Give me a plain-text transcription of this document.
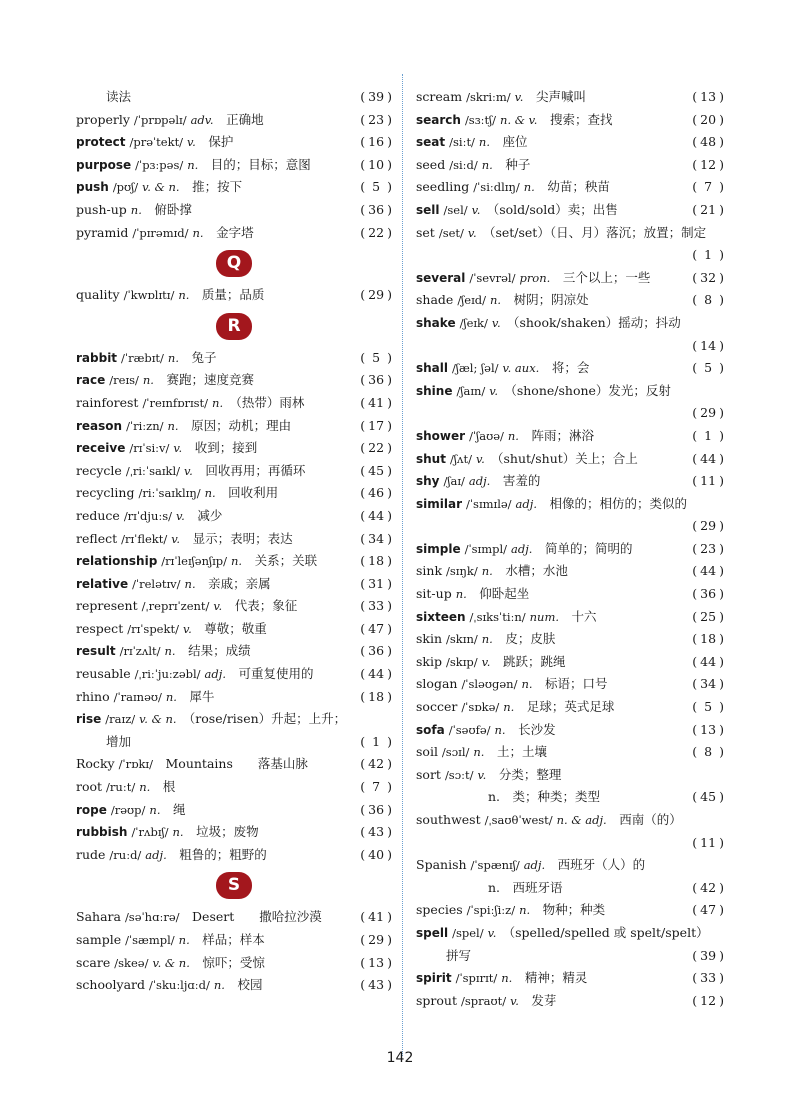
读法	( 39 )
properly /ˈprɒpəlɪ/ adv.　 正确地	( 23 )
protect /prəˈtekt/ v.　 保护	( 16 )
purpose /ˈpɜːpəs/ n.　 目的；目标；意图	( 10 )
push /pʊʃ/ v. & n.　 推；按下	( 5 )
push-up n.　 俯卧撑	( 36 )
pyramid /ˈpɪrəmɪd/ n.　 金字塔	( 22 )
Q
quality /ˈkwɒlɪtɪ/ n.　 质量；品质	( 29 )
R
rabbit /ˈræbɪt/ n.　 兔子	( 5 )
race /reɪs/ n.　 赛跑；速度竞赛	( 36 )
rainforest /ˈreɪnfɒrɪst/ n.　 （热带）雨林	( 41 )
reason /ˈriːzn/ n.　 原因；动机；理由	( 17 )
receive /rɪˈsiːv/ v.　 收到；接到	( 22 )
recycle /ˌriːˈsaɪkl/ v.　 回收再用；再循环	( 45 )
recycling /riːˈsaɪklɪŋ/ n.　 回收利用	( 46 )
reduce /rɪˈdjuːs/ v.　 减少	( 44 )
reflect /rɪˈflekt/ v.　 显示；表明；表达	( 34 )
relationship /rɪˈleɪʃənʃɪp/ n.　 关系；关联	( 18 )
relative /ˈrelətɪv/ n.　 亲戚；亲属	( 31 )
represent /ˌreprɪˈzent/ v.　 代表；象征	( 33 )
respect /rɪˈspekt/ v.　 尊敬；敬重	( 47 )
result /rɪˈzʌlt/ n.　 结果；成绩	( 36 )
reusable /ˌriːˈjuːzəbl/ adj.　 可重复使用的	( 44 )
rhino /ˈraɪnəʊ/ n.　 犀牛	( 18 )
rise /raɪz/ v. & n.　 （rose/risen）升起；上升；
增加	( 1 )
Rocky /ˈrɒkɪ/　 Mountains　　落基山脉	( 42 )
root /ruːt/ n.　 根	( 7 )
rope /rəʊp/ n.　 绳	( 36 )
rubbish /ˈrʌbɪʃ/ n.　 垃圾；废物	( 43 )
rude /ruːd/ adj.　 粗鲁的；粗野的	( 40 )
S
Sahara /səˈhɑːrə/　 Desert　　撒哈拉沙漠	( 41 )
sample /ˈsæmpl/ n.　 样品；样本	( 29 )
scare /skeə/ v. & n.　 惊吓；受惊	( 13 )
schoolyard /ˈskuːljɑːd/ n.　 校园	( 43 )
scream /skriːm/ v.　 尖声喊叫	( 13 )
search /sɜːtʃ/ n. & v.　 搜索；查找	( 20 )
seat /siːt/ n.　 座位	( 48 )
seed /siːd/ n.　 种子	( 12 )
seedling /ˈsiːdlɪŋ/ n.　 幼苗；秧苗	( 7 )
sell /sel/ v.　 （sold/sold）卖；出售	( 21 )
set /set/ v.　 （set/set）（日、月）落沉；放置；制定
( 1 )
several /ˈsevrəl/ pron.　 三个以上；一些	( 32 )
shade /ʃeɪd/ n.　 树阴；阴凉处	( 8 )
shake /ʃeɪk/ v.　 （shook/shaken）摇动；抖动
( 14 )
shall /ʃæl; ʃəl/ v. aux.　 将；会	( 5 )
shine /ʃaɪn/ v.　 （shone/shone）发光；反射
( 29 )
shower /ˈʃaʊə/ n.　 阵雨；淋浴	( 1 )
shut /ʃʌt/ v.　 （shut/shut）关上；合上	( 44 )
shy /ʃaɪ/ adj.　 害羞的	( 11 )
similar /ˈsɪmɪlə/ adj.　 相像的；相仿的；类似的
( 29 )
simple /ˈsɪmpl/ adj.　 简单的；简明的	( 23 )
sink /sɪŋk/ n.　 水槽；水池	( 44 )
sit-up n.　 仰卧起坐	( 36 )
sixteen /ˌsɪksˈtiːn/ num.　 十六	( 25 )
skin /skɪn/ n.　 皮；皮肤	( 18 )
skip /skɪp/ v.　 跳跃；跳绳	( 44 )
slogan /ˈsləʊgən/ n.　 标语；口号	( 34 )
soccer /ˈsɒkə/ n.　 足球；英式足球	( 5 )
sofa /ˈsəʊfə/ n.　 长沙发	( 13 )
soil /sɔɪl/ n.　 土；土壤	( 8 )
sort /sɔːt/ v.　 分类；整理
n.　类；种类；类型	( 45 )
southwest /ˌsaʊθˈwest/ n. & adj.　 西南（的）
( 11 )
Spanish /ˈspænɪʃ/ adj.　 西班牙（人）的
n.　西班牙语	( 42 )
species /ˈspiːʃiːz/ n.　 物种；种类	( 47 )
spell /spel/ v.　 （spelled/spelled 或 spelt/spelt）
拼写	( 39 )
spirit /ˈspɪrɪt/ n.　 精神；精灵	( 33 )
sprout /spraʊt/ v.　 发芽	( 12 )
142
